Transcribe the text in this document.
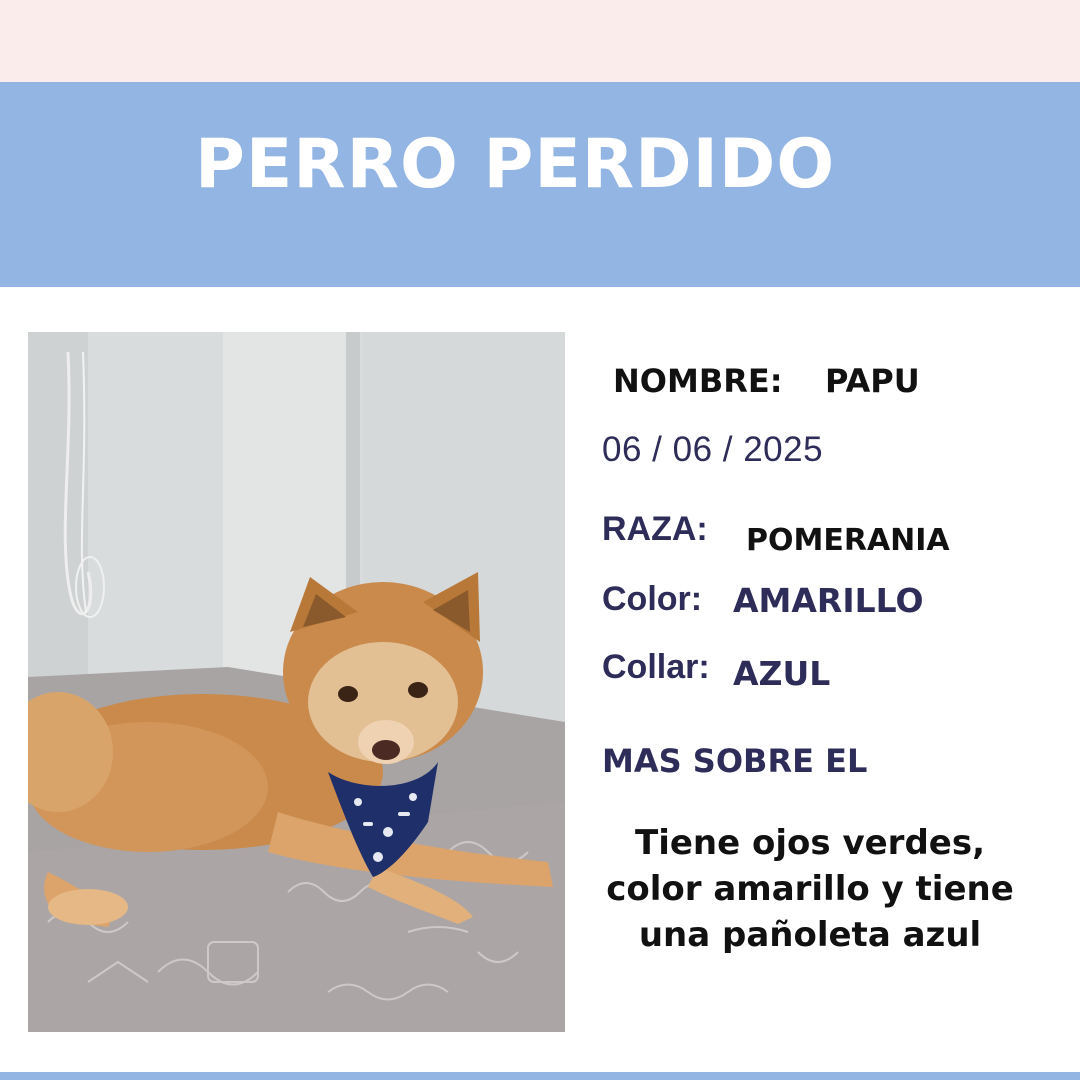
PERRO PERDIDO
NOMBRE: PAPU
06 / 06 / 2025
RAZA: POMERANIA
Color: AMARILLO
Collar: AZUL
MAS SOBRE EL
Tiene ojos verdes,
color amarillo y tiene
una pañoleta azul
